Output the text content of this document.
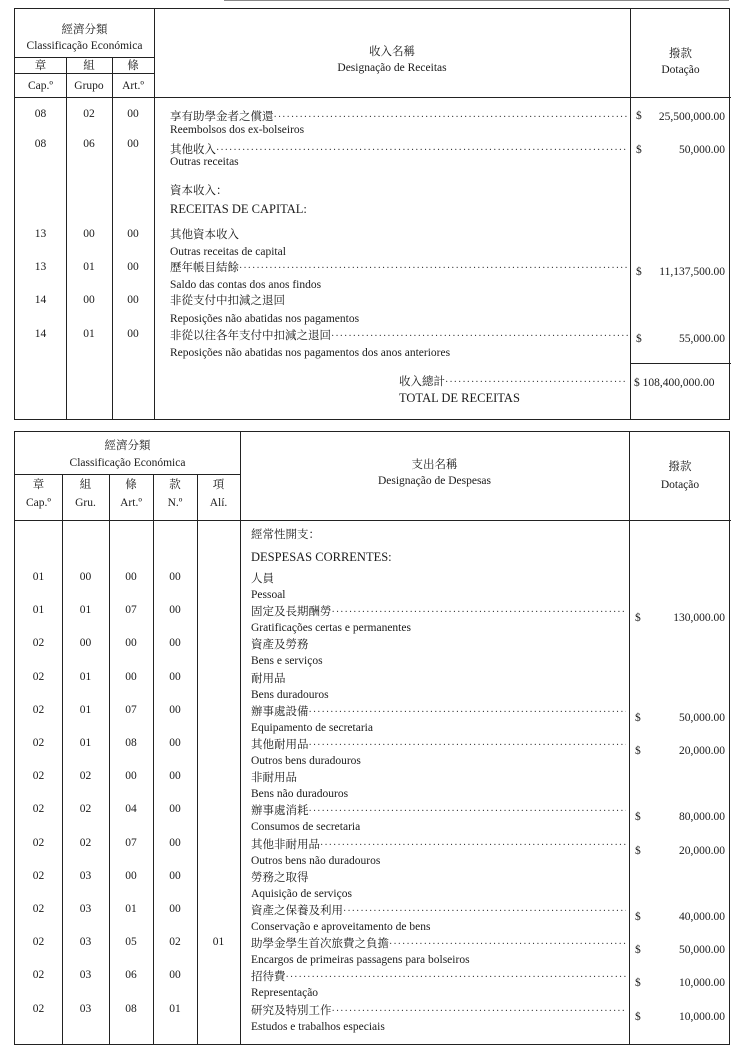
經濟分類
Classificação Económica
章	組	條
Cap.º	Grupo	Art.º
收入名稱
Designação de Receitas
撥款
Dotação
08	02	00	享有助學金者之償還
·····
Reembolsos dos ex-bolseiros
$	25,500,000.00
08	06	00	其他收入
·····
Outras receitas
$	50,000.00
資本收入：
RECEITAS DE CAPITAL:
13	00	00	其他資本收入
Outras receitas de capital
13	01	00	歷年帳目結餘
·····
Saldo das contas dos anos findos
$	11,137,500.00
14	00	00	非從支付中扣減之退回
Reposições não abatidas nos pagamentos
14	01	00	非從以往各年支付中扣減之退回
·····
Reposições não abatidas nos pagamentos dos anos anteriores
$	55,000.00
收入總計
·····
TOTAL DE RECEITAS
$ 108,400,000.00
經濟分類
Classificação Económica
章	組	條	款	項
Cap.º	Gru.	Art.º	N.º	Alí.
支出名稱
Designação de Despesas
撥款
Dotação
經常性開支：
DESPESAS CORRENTES:
01	00	00	00	人員
Pessoal
01	01	07	00	固定及長期酬勞
·····
Gratificações certas e permanentes
$	130,000.00
02	00	00	00	資產及勞務
Bens e serviços
02	01	00	00	耐用品
Bens duradouros
02	01	07	00	辦事處設備
·····
Equipamento de secretaria
$	50,000.00
02	01	08	00	其他耐用品
·····
Outros bens duradouros
$	20,000.00
02	02	00	00	非耐用品
Bens não duradouros
02	02	04	00	辦事處消耗
·····
Consumos de secretaria
$	80,000.00
02	02	07	00	其他非耐用品
·····
Outros bens não duradouros
$	20,000.00
02	03	00	00	勞務之取得
Aquisição de serviços
02	03	01	00	資產之保養及利用
·····
Conservação e aproveitamento de bens
$	40,000.00
02	03	05	02	01	助學金學生首次旅費之負擔
·····
Encargos de primeiras passagens para bolseiros
$	50,000.00
02	03	06	00	招待費
·····
Representação
$	10,000.00
02	03	08	01	研究及特別工作
·····
Estudos e trabalhos especiais
$	10,000.00
